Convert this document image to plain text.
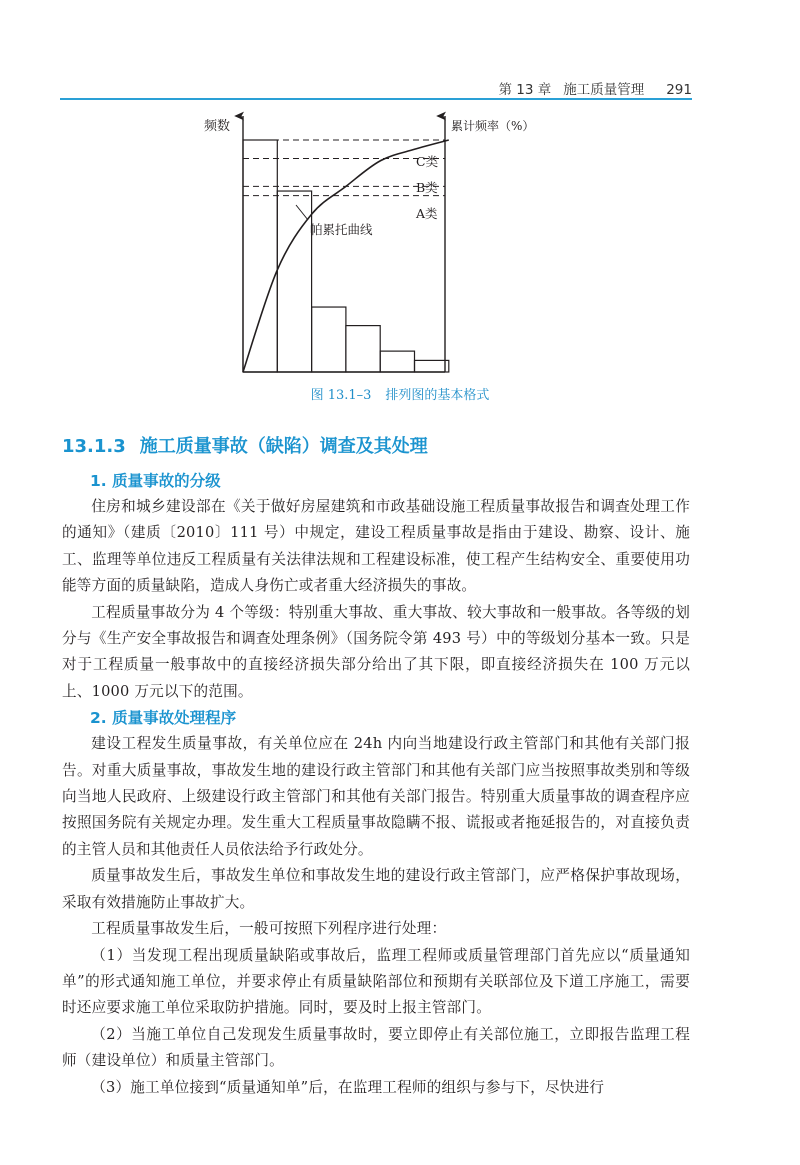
第 13 章 施工质量管理 291
频数	累计频率（%）
C类
B类
A类
帕累托曲线
图 13.1–3 排列图的基本格式
13.1.3 施工质量事故（缺陷）调查及其处理
1. 质量事故的分级

住房和城乡建设部在《关于做好房屋建筑和市政基础设施工程质量事故报告和调查处理工作的通知》（建质〔2010〕111 号）中规定，建设工程质量事故是指由于建设、勘察、设计、施工、监理等单位违反工程质量有关法律法规和工程建设标准，使工程产生结构安全、重要使用功能等方面的质量缺陷，造成人身伤亡或者重大经济损失的事故。

工程质量事故分为 4 个等级：特别重大事故、重大事故、较大事故和一般事故。各等级的划分与《生产安全事故报告和调查处理条例》（国务院令第 493 号）中的等级划分基本一致。只是对于工程质量一般事故中的直接经济损失部分给出了其下限，即直接经济损失在 100 万元以上、1000 万元以下的范围。

2. 质量事故处理程序

建设工程发生质量事故，有关单位应在 24h 内向当地建设行政主管部门和其他有关部门报告。对重大质量事故，事故发生地的建设行政主管部门和其他有关部门应当按照事故类别和等级向当地人民政府、上级建设行政主管部门和其他有关部门报告。特别重大质量事故的调查程序应按照国务院有关规定办理。发生重大工程质量事故隐瞒不报、谎报或者拖延报告的，对直接负责的主管人员和其他责任人员依法给予行政处分。

质量事故发生后，事故发生单位和事故发生地的建设行政主管部门，应严格保护事故现场，采取有效措施防止事故扩大。

工程质量事故发生后，一般可按照下列程序进行处理：

（1）当发现工程出现质量缺陷或事故后，监理工程师或质量管理部门首先应以“质量通知单”的形式通知施工单位，并要求停止有质量缺陷部位和预期有关联部位及下道工序施工，需要时还应要求施工单位采取防护措施。同时，要及时上报主管部门。

（2）当施工单位自己发现发生质量事故时，要立即停止有关部位施工，立即报告监理工程师（建设单位）和质量主管部门。

（3）施工单位接到“质量通知单”后，在监理工程师的组织与参与下，尽快进行
